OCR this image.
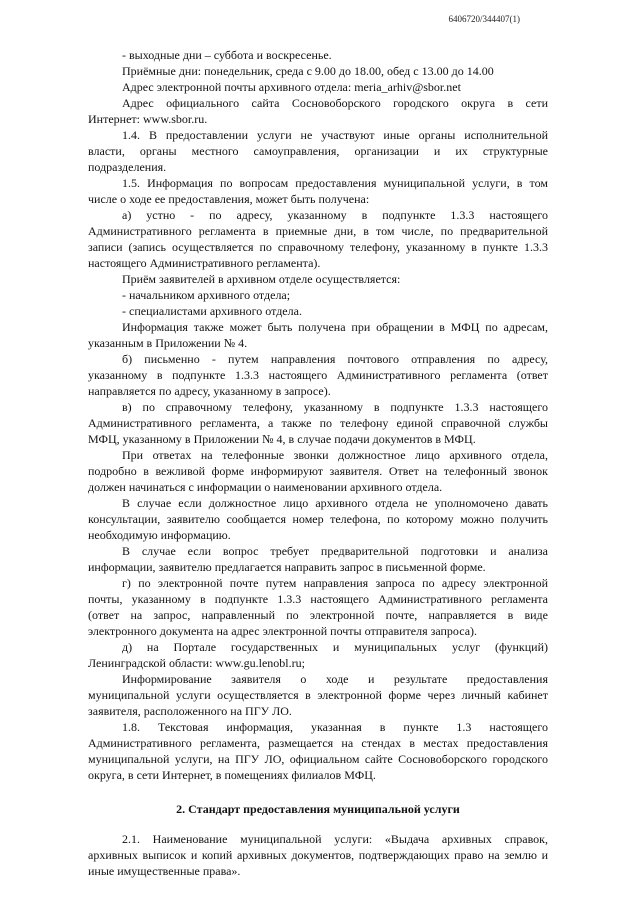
6406720/344407(1)
- выходные дни – суббота и воскресенье.
Приёмные дни: понедельник, среда с 9.00 до 18.00, обед с 13.00 до 14.00
Адрес электронной почты архивного отдела: meria_arhiv@sbor.net
Адрес официального сайта Сосновоборского городского округа в сети
Интернет: www.sbor.ru.
1.4. В предоставлении услуги не участвуют иные органы исполнительной
власти, органы местного самоуправления, организации и их структурные
подразделения.
1.5. Информация по вопросам предоставления муниципальной услуги, в том
числе о ходе ее предоставления, может быть получена:
а) устно - по адресу, указанному в подпункте 1.3.3 настоящего
Административного регламента в приемные дни, в том числе, по предварительной
записи (запись осуществляется по справочному телефону, указанному в пункте 1.3.3
настоящего Административного регламента).
Приём заявителей в архивном отделе осуществляется:
- начальником архивного отдела;
- специалистами архивного отдела.
Информация также может быть получена при обращении в МФЦ по адресам,
указанным в Приложении № 4.
б) письменно - путем направления почтового отправления по адресу,
указанному в подпункте 1.3.3 настоящего Административного регламента (ответ
направляется по адресу, указанному в запросе).
в) по справочному телефону, указанному в подпункте 1.3.3 настоящего
Административного регламента, а также по телефону единой справочной службы
МФЦ, указанному в Приложении № 4, в случае подачи документов в МФЦ.
При ответах на телефонные звонки должностное лицо архивного отдела,
подробно в вежливой форме информируют заявителя. Ответ на телефонный звонок
должен начинаться с информации о наименовании архивного отдела.
В случае если должностное лицо архивного отдела не уполномочено давать
консультации, заявителю сообщается номер телефона, по которому можно получить
необходимую информацию.
В случае если вопрос требует предварительной подготовки и анализа
информации, заявителю предлагается направить запрос в письменной форме.
г) по электронной почте путем направления запроса по адресу электронной
почты, указанному в подпункте 1.3.3 настоящего Административного регламента
(ответ на запрос, направленный по электронной почте, направляется в виде
электронного документа на адрес электронной почты отправителя запроса).
д) на Портале государственных и муниципальных услуг (функций)
Ленинградской области: www.gu.lenobl.ru;
Информирование заявителя о ходе и результате предоставления
муниципальной услуги осуществляется в электронной форме через личный кабинет
заявителя, расположенного на ПГУ ЛО.
1.8. Текстовая информация, указанная в пункте 1.3 настоящего
Административного регламента, размещается на стендах в местах предоставления
муниципальной услуги, на ПГУ ЛО, официальном сайте Сосновоборского городского
округа, в сети Интернет, в помещениях филиалов МФЦ.
2. Стандарт предоставления муниципальной услуги
2.1. Наименование муниципальной услуги: «Выдача архивных справок,
архивных выписок и копий архивных документов, подтверждающих право на землю и
иные имущественные права».
